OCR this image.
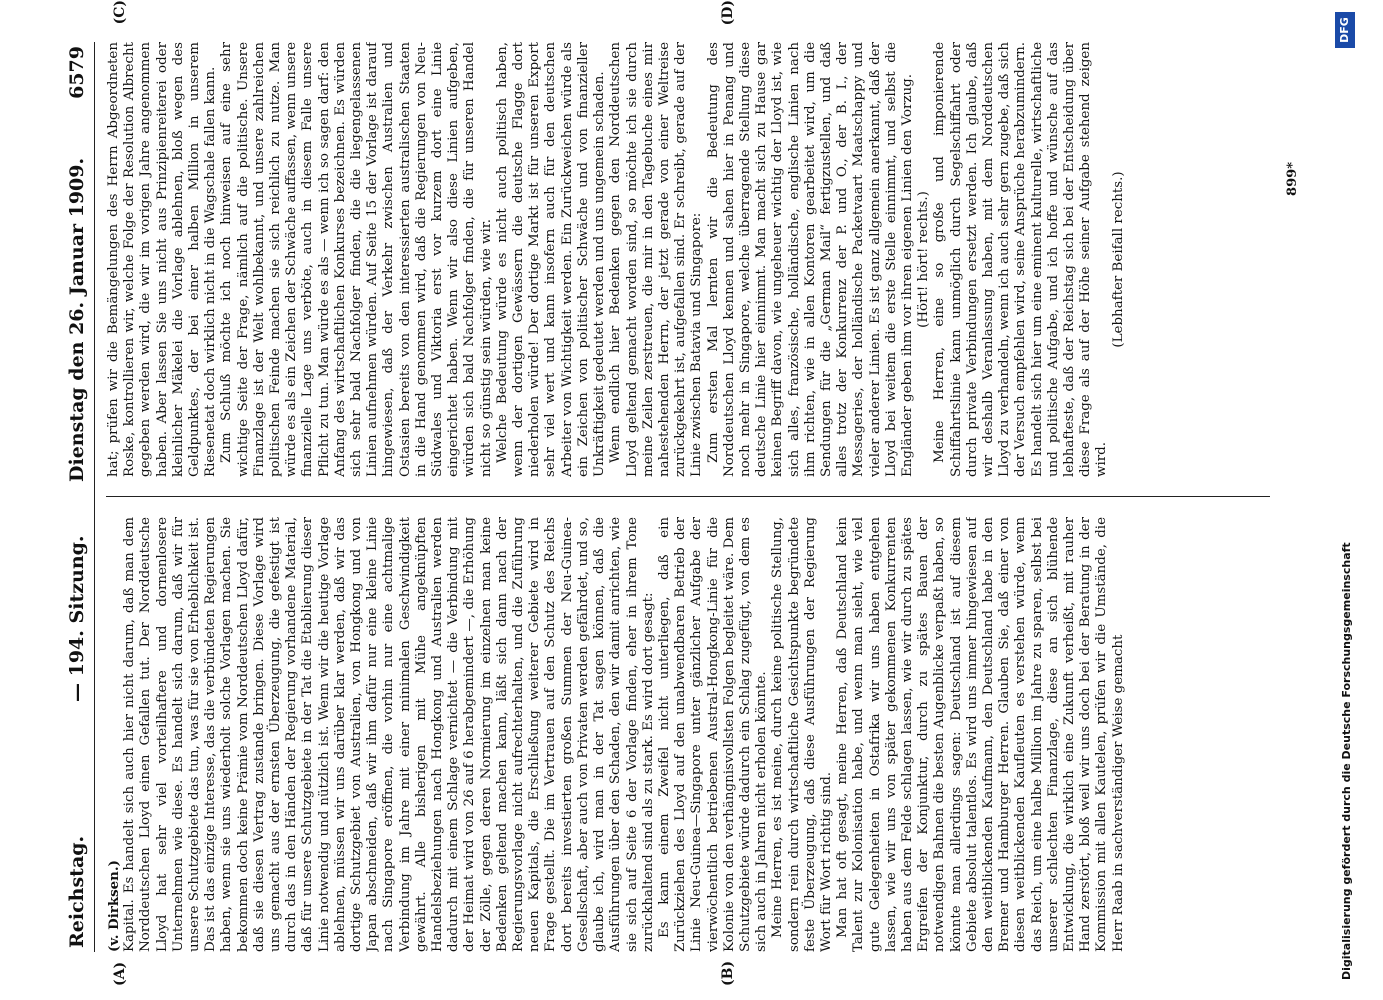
Reichstag.
— 194. Sitzung.
Dienstag den 26. Januar 1909.
6579
(A)	(B)
(C)	(D)

(v. Dirksen.) Kapital. Es handelt sich auch hier nicht darum, daß man dem Norddeutschen Lloyd einen Gefallen tut. Der Norddeutsche Lloyd hat sehr viel vorteilhaftere und dornenlosere Unternehmen wie diese. Es handelt sich darum, daß wir für unsere Schutzgebiete das tun, was für sie von Erheblichkeit ist. Das ist das einzige Interesse, das die verbündeten Regierungen haben, wenn sie uns wiederholt solche Vorlagen machen. Sie bekommen doch keine Prämie vom Norddeutschen Lloyd dafür, daß sie diesen Vertrag zustande bringen. Diese Vorlage wird uns gemacht aus der ernsten Überzeugung, die gefestigt ist durch das in den Händen der Regierung vorhandene Material, daß für unsere Schutzgebiete in der Tat die Etablierung dieser Linie notwendig und nützlich ist. Wenn wir die heutige Vorlage ablehnen, müssen wir uns darüber klar werden, daß wir das dortige Schutzgebiet von Australien, von Hongkong und von Japan abschneiden, daß wir ihm dafür nur eine kleine Linie nach Singapore eröffnen, die vorhin nur eine achtmalige Verbindung im Jahre mit einer minimalen Geschwindigkeit gewährt. Alle bisherigen mit Mühe angeknüpften Handelsbeziehungen nach Hongkong und Australien werden dadurch mit einem Schlage vernichtet — die Verbindung mit der Heimat wird von 26 auf 6 herabgemindert —, die Erhöhung der Zölle, gegen deren Normierung im einzelnen man keine Bedenken geltend machen kann, läßt sich dann nach der Regierungsvorlage nicht aufrechterhalten, und die Zuführung neuen Kapitals, die Erschließung weiterer Gebiete wird in Frage gestellt. Die im Vertrauen auf den Schutz des Reichs dort bereits investierten großen Summen der Neu-Guinea-Gesellschaft, aber auch von Privaten werden gefährdet, und so, glaube ich, wird man in der Tat sagen können, daß die Ausführungen über den Schaden, den wir damit anrichten, wie sie sich auf Seite 6 der Vorlage finden, eher in ihrem Tone zurückhaltend sind als zu stark. Es wird dort gesagt: Es kann einem Zweifel nicht unterliegen, daß ein Zurückziehen des Lloyd auf den unabwendbaren Betrieb der Linie Neu-Guinea—Singapore unter gänzlicher Aufgabe der vierwöchentlich betriebenen Austral-Hongkong-Linie für die Kolonie von den verhängnisvollsten Folgen begleitet wäre. Dem Schutzgebiete würde dadurch ein Schlag zugefügt, von dem es sich auch in Jahren nicht erholen könnte. Meine Herren, es ist meine, durch keine politische Stellung, sondern rein durch wirtschaftliche Gesichtspunkte begründete feste Überzeugung, daß diese Ausführungen der Regierung Wort für Wort richtig sind. Man hat oft gesagt, meine Herren, daß Deutschland kein Talent zur Kolonisation habe, und wenn man sieht, wie viel gute Gelegenheiten in Ostafrika wir uns haben entgehen lassen, wie wir uns von später gekommenen Konkurrenten haben aus dem Felde schlagen lassen, wie wir durch zu spätes Ergreifen der Konjunktur, durch zu spätes Bauen der notwendigen Bahnen die besten Augenblicke verpaßt haben, so könnte man allerdings sagen: Deutschland ist auf diesem Gebiete absolut talentlos. Es wird uns immer hingewiesen auf den weitblickenden Kaufmann, den Deutschland habe in den Bremer und Hamburger Herren. Glauben Sie, daß einer von diesen weitblickenden Kaufleuten es verstehen würde, wenn das Reich, um eine halbe Million im Jahre zu sparen, selbst bei unserer schlechten Finanzlage, diese an sich blühende Entwicklung, die wirklich eine Zukunft verheißt, mit rauher Hand zerstört, bloß weil wir uns doch bei der Beratung in der Kommission mit allen Kautelen, prüfen wir die Umstände, die Herr Raab in sachverständiger Weise gemacht

hat; prüfen wir die Bemängelungen des Herrn Abgeordneten Roske, kontrollieren wir, welche Folge der Resolution Albrecht gegeben werden wird, die wir im vorigen Jahre angenommen haben. Aber lassen Sie uns nicht aus Prinzipienreiterei oder kleinlicher Mäkelei die Vorlage ablehnen, bloß wegen des Geldpunktes, der bei einer halben Million in unserem Riesenetat doch wirklich nicht in die Wagschale fallen kann. Zum Schluß möchte ich noch hinweisen auf eine sehr wichtige Seite der Frage, nämlich auf die politische. Unsere Finanzlage ist der Welt wohlbekannt, und unsere zahlreichen politischen Feinde machen sie sich reichlich zu nutze. Man würde es als ein Zeichen der Schwäche auffassen, wenn unsere finanzielle Lage uns verböte, auch in diesem Falle unsere Pflicht zu tun. Man würde es als — wenn ich so sagen darf: den Anfang des wirtschaftlichen Konkurses bezeichnen. Es würden sich sehr bald Nachfolger finden, die die liegengelassenen Linien aufnehmen würden. Auf Seite 15 der Vorlage ist darauf hingewiesen, daß der Verkehr zwischen Australien und Ostasien bereits von den interessierten australischen Staaten in die Hand genommen wird, daß die Regierungen von Neu-Südwales und Viktoria erst vor kurzem dort eine Linie eingerichtet haben. Wenn wir also diese Linien aufgeben, würden sich bald Nachfolger finden, die für unseren Handel nicht so günstig sein würden, wie wir. Welche Bedeutung würde es nicht auch politisch haben, wenn der dortigen Gewässern die deutsche Flagge dort niederholen würde! Der dortige Markt ist für unseren Export sehr viel wert und kann insofern auch für den deutschen Arbeiter von Wichtigkeit werden. Ein Zurückweichen würde als ein Zeichen von politischer Schwäche und von finanzieller Unkräftigkeit gedeutet werden und uns ungemein schaden. Wenn endlich hier Bedenken gegen den Norddeutschen Lloyd geltend gemacht worden sind, so möchte ich sie durch meine Zeilen zerstreuen, die mir in den Tagebuche eines mir nahestehenden Herrn, der jetzt gerade von einer Weltreise zurückgekehrt ist, aufgefallen sind. Er schreibt, gerade auf der Linie zwischen Batavia und Singapore: Zum ersten Mal lernten wir die Bedeutung des Norddeutschen Lloyd kennen und sahen hier in Penang und noch mehr in Singapore, welche überragende Stellung diese deutsche Linie hier einnimmt. Man macht sich zu Hause gar keinen Begriff davon, wie ungeheuer wichtig der Lloyd ist, wie sich alles, französische, holländische, englische Linien nach ihm richten, wie in allen Kontoren gearbeitet wird, um die Sendungen für die „German Mail“ fertigzustellen, und daß alles trotz der Konkurrenz der P. und O., der B. I., der Messageries, der holländische Packetvaart Maatschappy und vieler anderer Linien. Es ist ganz allgemein anerkannt, daß der Lloyd bei weitem die erste Stelle einnimmt, und selbst die Engländer geben ihm vor ihren eigenen Linien den Vorzug. (Hört! hört! rechts.) Meine Herren, eine so große und imponierende Schiffahrtslinie kann unmöglich durch Segelschiffahrt oder durch private Verbindungen ersetzt werden. Ich glaube, daß wir deshalb Veranlassung haben, mit dem Norddeutschen Lloyd zu verhandeln, wenn ich auch sehr gern zugebe, daß sich der Versuch empfehlen wird, seine Ansprüche herabzumindern. Es handelt sich hier um eine eminent kulturelle, wirtschaftliche und politische Aufgabe, und ich hoffe und wünsche auf das lebhafteste, daß der Reichstag sich bei der Entscheidung über diese Frage als auf der Höhe seiner Aufgabe stehend zeigen wird.

(Lebhafter Beifall rechts.)	899*
Digitalisierung gefördert durch die Deutsche Forschungsgemeinschaft
DFG
